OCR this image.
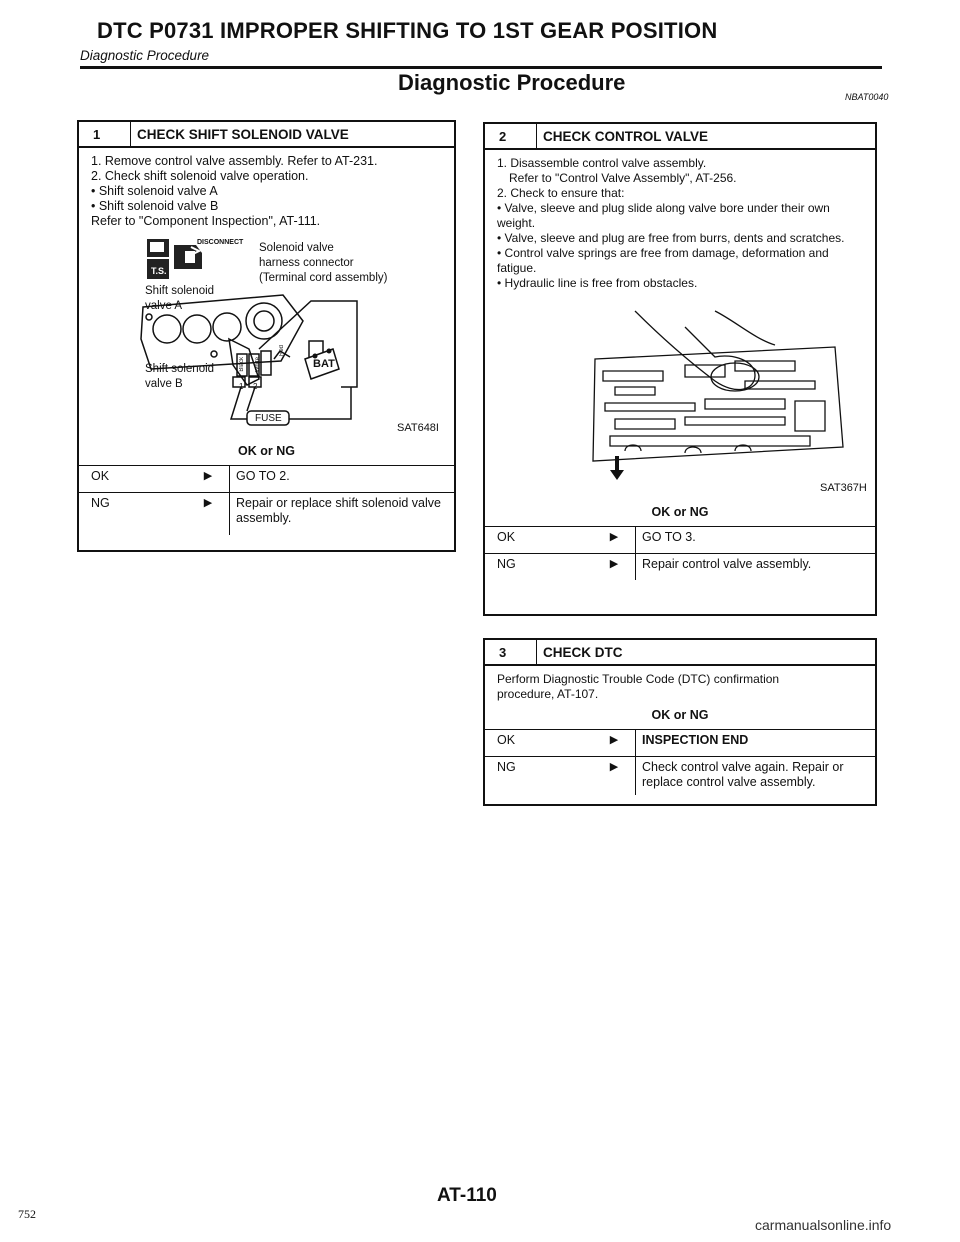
DTC P0731 IMPROPER SHIFTING TO 1ST GEAR POSITION
Diagnostic Procedure
Diagnostic Procedure
NBAT0040
1	CHECK SHIFT SOLENOID VALVE
1. Remove control valve assembly. Refer to AT-231.
2. Check shift solenoid valve operation.
• Shift solenoid valve A
• Shift solenoid valve B
Refer to "Component Inspection", AT-111.
DISCONNECT
T.S.
Solenoid valve
harness connector
(Terminal cord assembly)
Shift solenoid
valve A
Shift solenoid
valve B
BAT
FUSE
1 2
Black	White
Red
SAT648I
OK or NG
OK	▶	GO TO 2.
NG	▶	Repair or replace shift solenoid valve assembly.
2	CHECK CONTROL VALVE
1. Disassemble control valve assembly.
Refer to "Control Valve Assembly", AT-256.
2. Check to ensure that:
• Valve, sleeve and plug slide along valve bore under their own weight.
• Valve, sleeve and plug are free from burrs, dents and scratches.
• Control valve springs are free from damage, deformation and fatigue.
• Hydraulic line is free from obstacles.
SAT367H
OK or NG
OK	▶	GO TO 3.
NG	▶	Repair control valve assembly.
3	CHECK DTC
Perform Diagnostic Trouble Code (DTC) confirmation procedure, AT-107.
OK or NG
OK	▶	INSPECTION END
NG	▶	Check control valve again. Repair or replace control valve assembly.
AT-110
752
carmanualsonline.info
